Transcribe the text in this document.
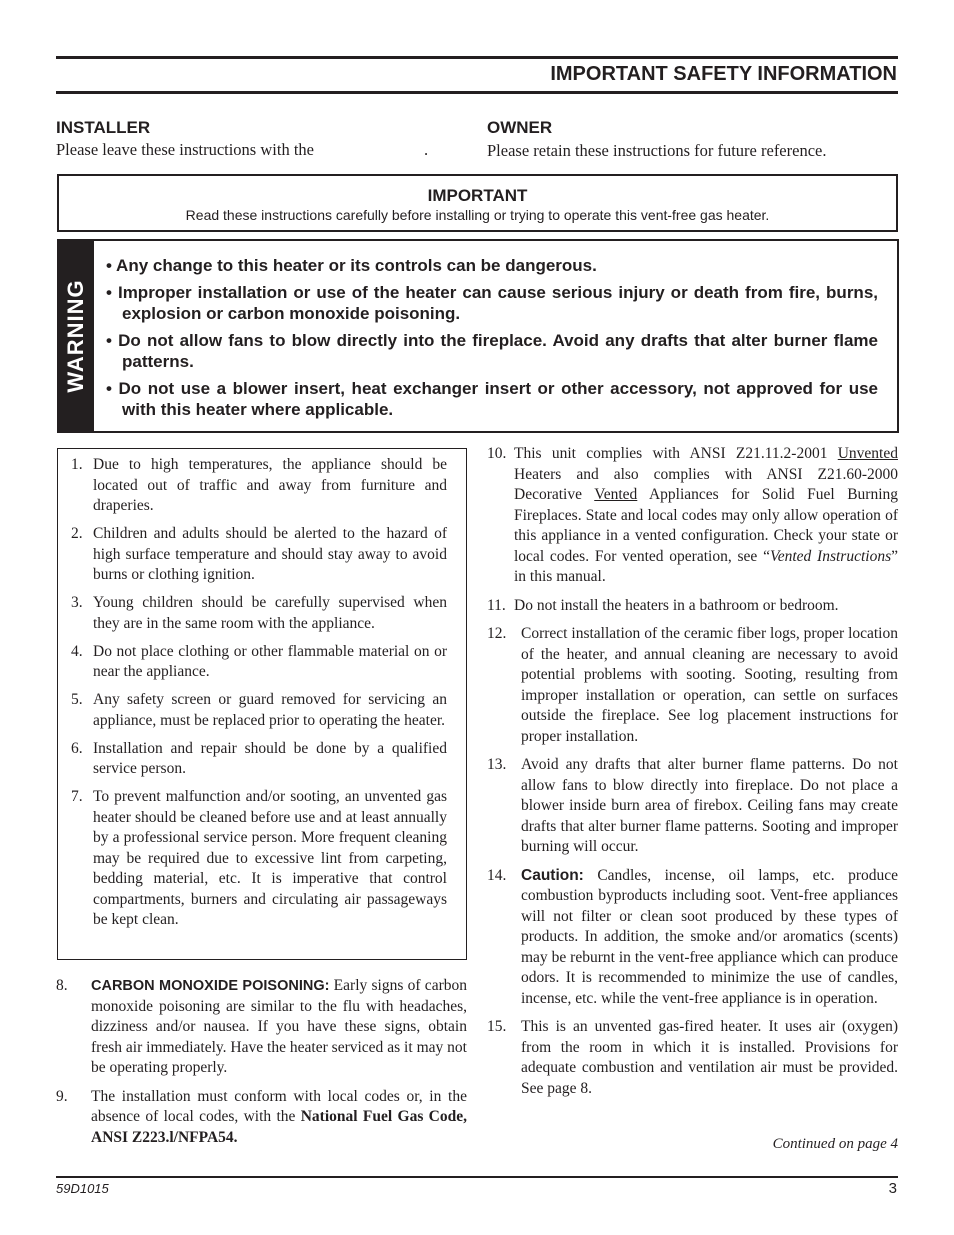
IMPORTANT SAFETY INFORMATION
INSTALLER
Please leave these instructions with the	.
OWNER
Please retain these instructions for future reference.
IMPORTANT
Read these instructions carefully before installing or trying to operate this vent-free gas heater.
WARNING
• Any change to this heater or its controls can be dangerous.
• Improper installation or use of the heater can cause serious injury or death from fire, burns, explosion or carbon monoxide poisoning.
• Do not allow fans to blow directly into the fireplace. Avoid any drafts that alter burner flame patterns.
• Do not use a blower insert, heat exchanger insert or other accessory, not approved for use with this heater where applicable.
1. Due to high temperatures, the appliance should be located out of traffic and away from furniture and draperies.
2. Children and adults should be alerted to the hazard of high surface temperature and should stay away to avoid burns or clothing ignition.
3. Young children should be carefully supervised when they are in the same room with the appliance.
4. Do not place clothing or other flammable material on or near the appliance.
5. Any safety screen or guard removed for servicing an appliance, must be replaced prior to operating the heater.
6. Installation and repair should be done by a qualified service person.
7. To prevent malfunction and/or sooting, an unvented gas heater should be cleaned before use and at least annually by a professional service person. More frequent cleaning may be required due to excessive lint from carpeting, bedding material, etc. It is imperative that control compartments, burners and circulating air passageways be kept clean.
8. CARBON MONOXIDE POISONING: Early signs of carbon monoxide poisoning are similar to the flu with headaches, dizziness and/or nausea. If you have these signs, obtain fresh air immediately. Have the heater serviced as it may not be operating properly.
9. The installation must conform with local codes or, in the absence of local codes, with the National Fuel Gas Code, ANSI Z223.l/NFPA54.
10. This unit complies with ANSI Z21.11.2-2001 Unvented Heaters and also complies with ANSI Z21.60-2000 Decorative Vented Appliances for Solid Fuel Burning Fireplaces. State and local codes may only allow operation of this appliance in a vented configuration. Check your state or local codes. For vented operation, see “Vented Instructions” in this manual.
11. Do not install the heaters in a bathroom or bedroom.
12. Correct installation of the ceramic fiber logs, proper location of the heater, and annual cleaning are necessary to avoid potential problems with sooting. Sooting, resulting from improper installation or operation, can settle on surfaces outside the fireplace. See log placement instructions for proper installation.
13. Avoid any drafts that alter burner flame patterns. Do not allow fans to blow directly into fireplace. Do not place a blower inside burn area of firebox. Ceiling fans may create drafts that alter burner flame patterns. Sooting and improper burning will occur.
14. Caution: Candles, incense, oil lamps, etc. produce combustion byproducts including soot. Vent-free appliances will not filter or clean soot produced by these types of products. In addition, the smoke and/or aromatics (scents) may be reburnt in the vent-free appliance which can produce odors. It is recommended to minimize the use of candles, incense, etc. while the vent-free appliance is in operation.
15. This is an unvented gas-fired heater. It uses air (oxygen) from the room in which it is installed. Provisions for adequate combustion and ventilation air must be provided. See page 8.
Continued on page 4
59D1015	3
